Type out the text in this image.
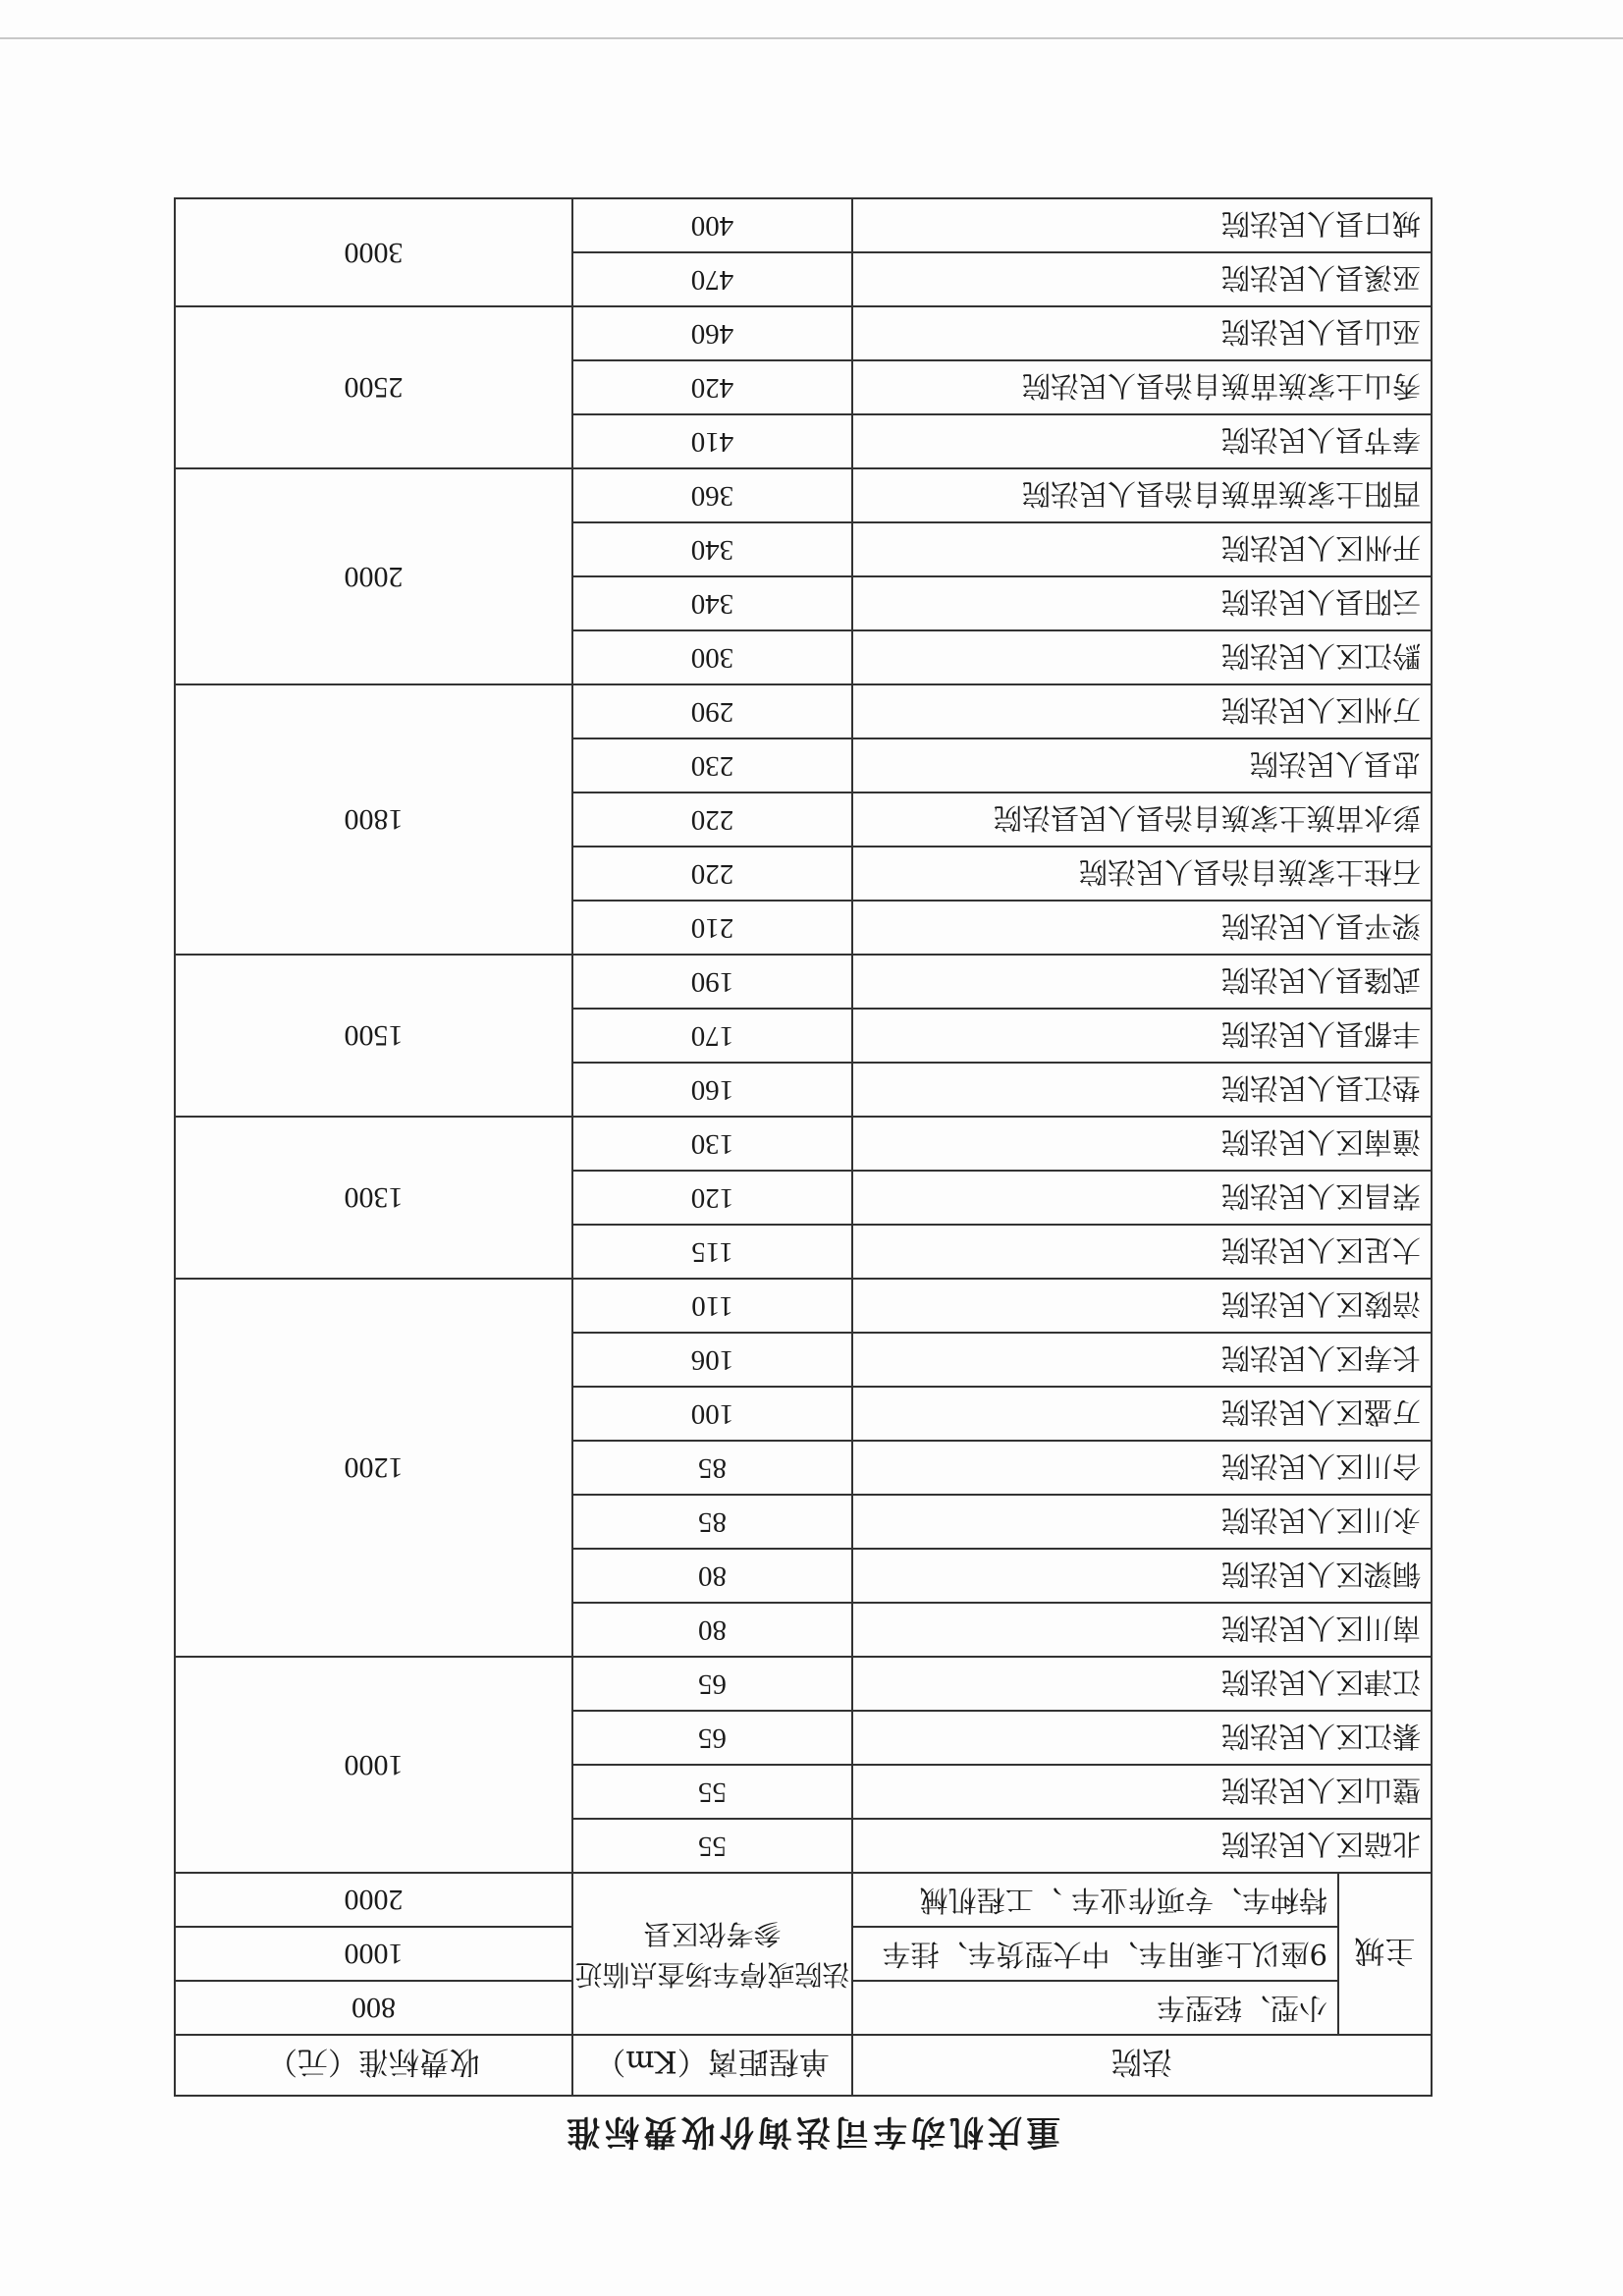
重庆机动车司法询价收费标准
法院		单程距离（Km）	收费标准（元）
主城	小型、轻型车	法院或停车场查点临近参考依区县	800
	9座以上乘用车、中大型货车、挂车		1000
	特种车、专项作业车 、工程机械		2000
北碚区人民法院		55	1000
璧山区人民法院		55	
綦江区人民法院		65	
江津区人民法院		65	
南川区人民法院		80	1200
铜梁区人民法院		80	
永川区人民法院		85	
合川区人民法院		85	
万盛区人民法院		100	
长寿区人民法院		106	
涪陵区人民法院		110	
大足区人民法院		115	1300
荣昌区人民法院		120	
潼南区人民法院		130	
垫江县人民法院		160	1500
丰都县人民法院		170	
武隆县人民法院		190	
梁平县人民法院		210	1800
石柱土家族自治县人民法院		220	
彭水苗族土家族自治县人民县法院		220	
忠县人民法院		230	
万州区人民法院		290	
黔江区人民法院		300	2000
云阳县人民法院		340	
开州区人民法院		340	
酉阳土家族苗族自治县人民法院		360	
奉节县人民法院		410	2500
秀山土家族苗族自治县人民法院		420	
巫山县人民法院		460	
巫溪县人民法院		470	3000
城口县人民法院		400	
